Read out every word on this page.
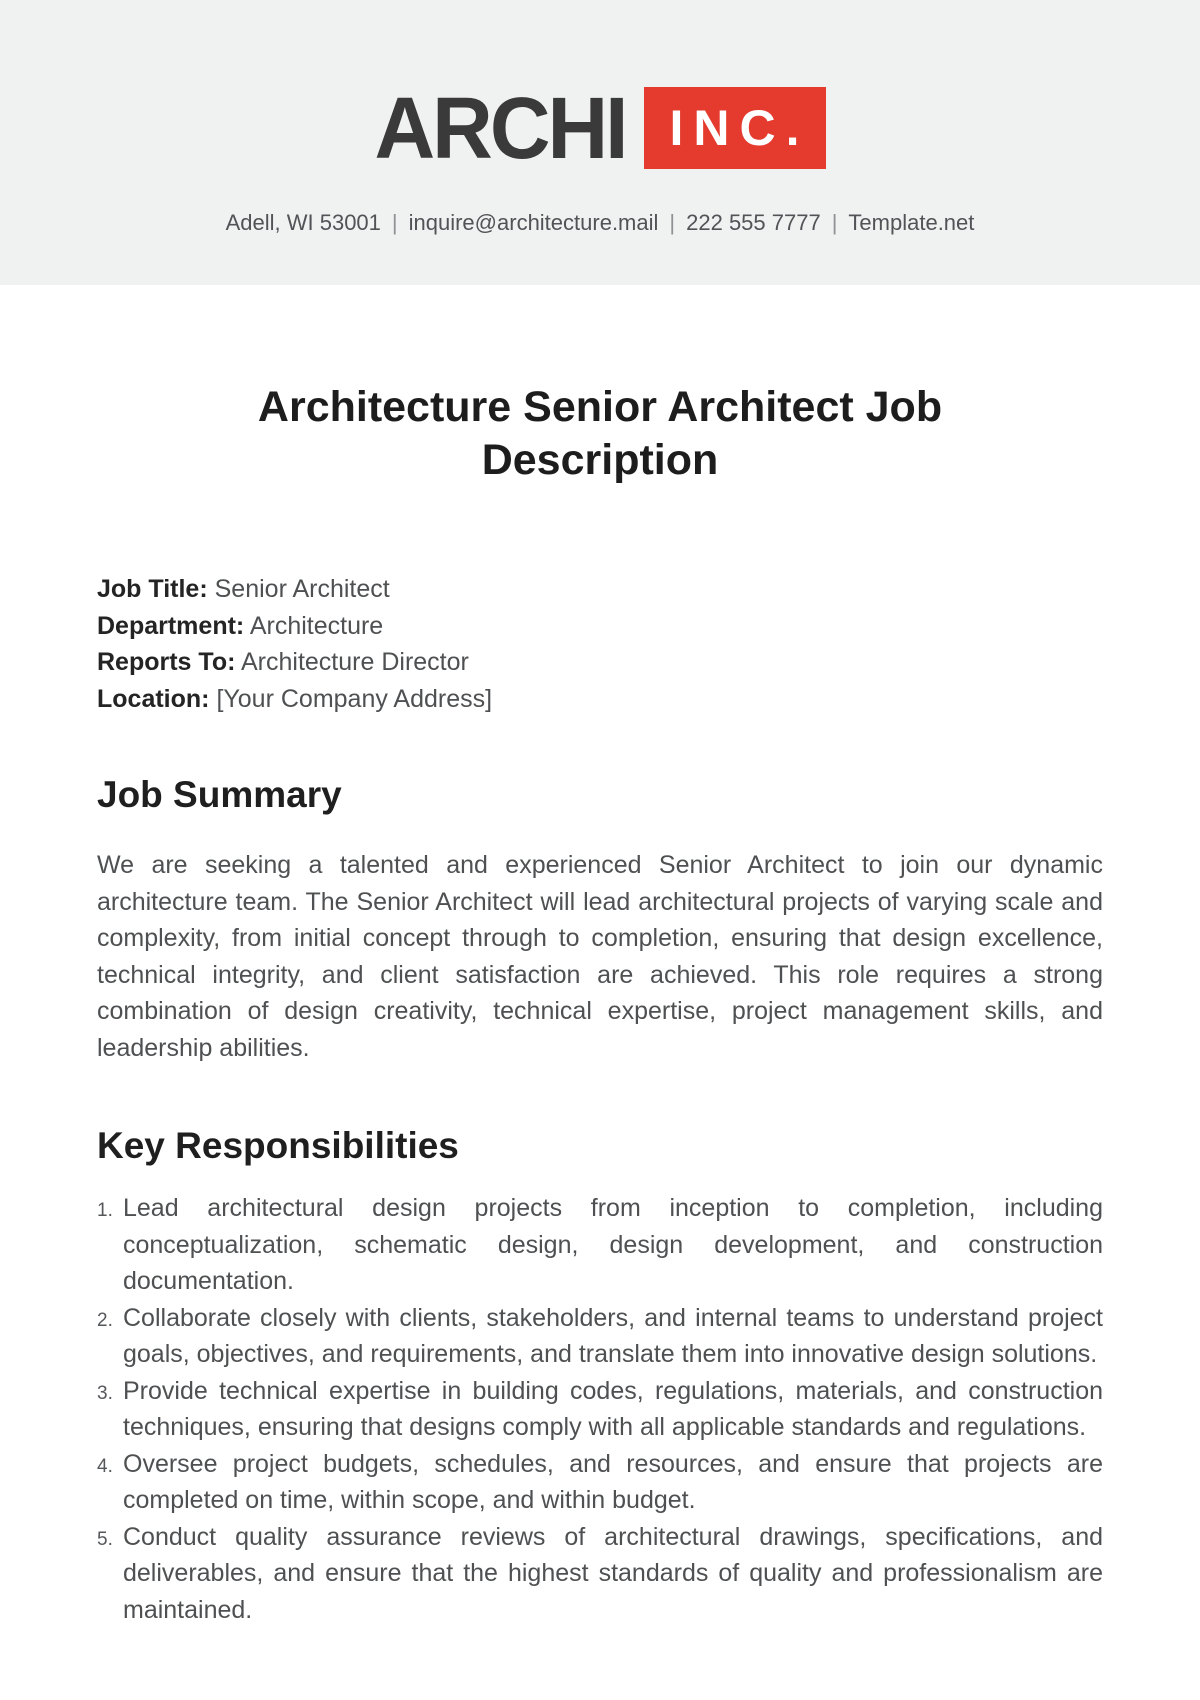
ARCHI INC.
Adell, WI 53001 | inquire@architecture.mail | 222 555 7777 | Template.net
Architecture Senior Architect Job Description
Job Title: Senior Architect
Department: Architecture
Reports To: Architecture Director
Location: [Your Company Address]
Job Summary

We are seeking a talented and experienced Senior Architect to join our dynamic architecture team. The Senior Architect will lead architectural projects of varying scale and complexity, from initial concept through to completion, ensuring that design excellence, technical integrity, and client satisfaction are achieved. This role requires a strong combination of design creativity, technical expertise, project management skills, and leadership abilities.

Key Responsibilities
1. Lead architectural design projects from inception to completion, including conceptualization, schematic design, design development, and construction documentation.
2. Collaborate closely with clients, stakeholders, and internal teams to understand project goals, objectives, and requirements, and translate them into innovative design solutions.
3. Provide technical expertise in building codes, regulations, materials, and construction techniques, ensuring that designs comply with all applicable standards and regulations.
4. Oversee project budgets, schedules, and resources, and ensure that projects are completed on time, within scope, and within budget.
5. Conduct quality assurance reviews of architectural drawings, specifications, and deliverables, and ensure that the highest standards of quality and professionalism are maintained.
